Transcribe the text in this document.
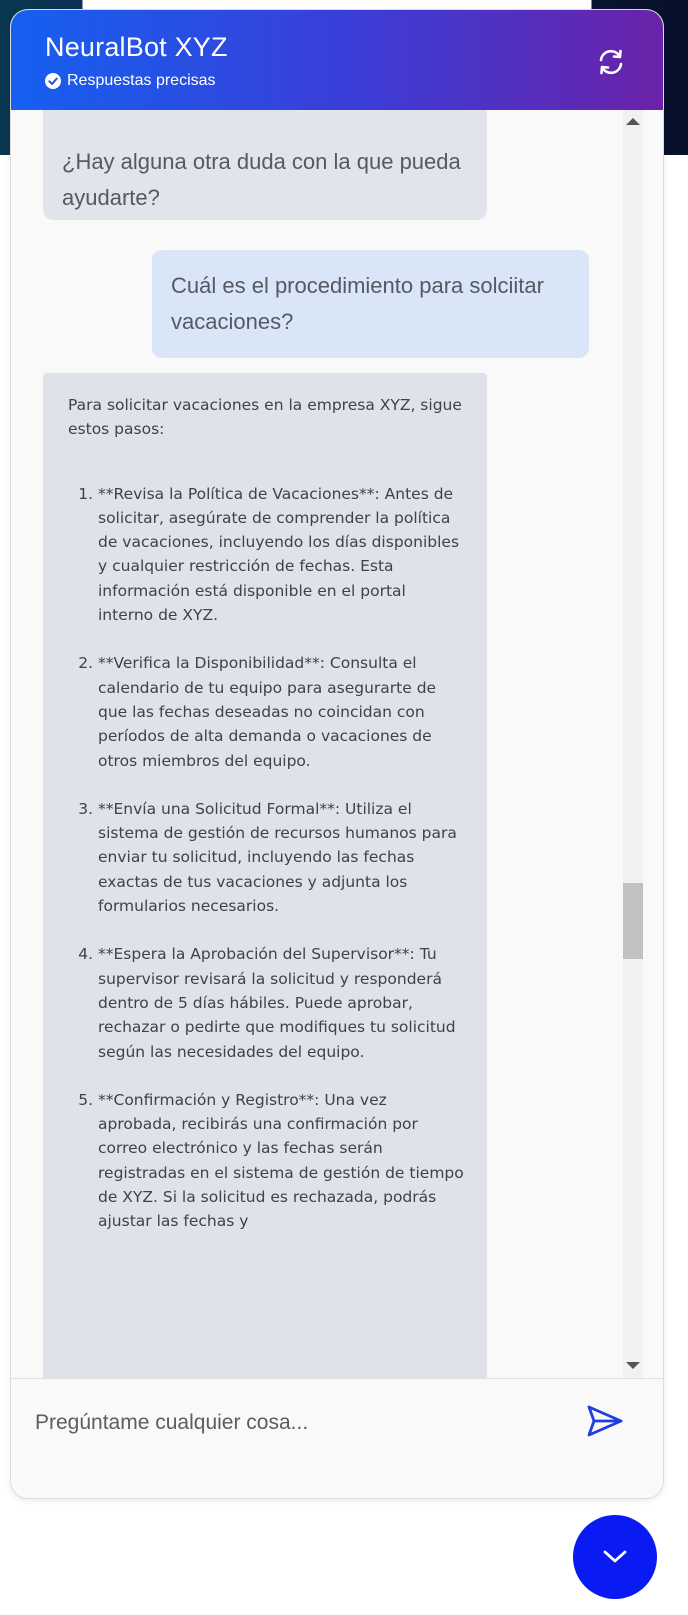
NeuralBot XYZ
Respuestas precisas
¿Hay alguna otra duda con la que pueda ayudarte?
Cuál es el procedimiento para solciitar vacaciones?

Para solicitar vacaciones en la empresa XYZ, sigue estos pasos:

1. **Revisa la Política de Vacaciones**: Antes de solicitar, asegúrate de comprender la política de vacaciones, incluyendo los días disponibles y cualquier restricción de fechas. Esta información está disponible en el portal interno de XYZ.
2. **Verifica la Disponibilidad**: Consulta el calendario de tu equipo para asegurarte de que las fechas deseadas no coincidan con períodos de alta demanda o vacaciones de otros miembros del equipo.
3. **Envía una Solicitud Formal**: Utiliza el sistema de gestión de recursos humanos para enviar tu solicitud, incluyendo las fechas exactas de tus vacaciones y adjunta los formularios necesarios.
4. **Espera la Aprobación del Supervisor**: Tu supervisor revisará la solicitud y responderá dentro de 5 días hábiles. Puede aprobar, rechazar o pedirte que modifiques tu solicitud según las necesidades del equipo.
5. **Confirmación y Registro**: Una vez aprobada, recibirás una confirmación por correo electrónico y las fechas serán registradas en el sistema de gestión de tiempo de XYZ. Si la solicitud es rechazada, podrás ajustar las fechas y
Pregúntame cualquier cosa...
